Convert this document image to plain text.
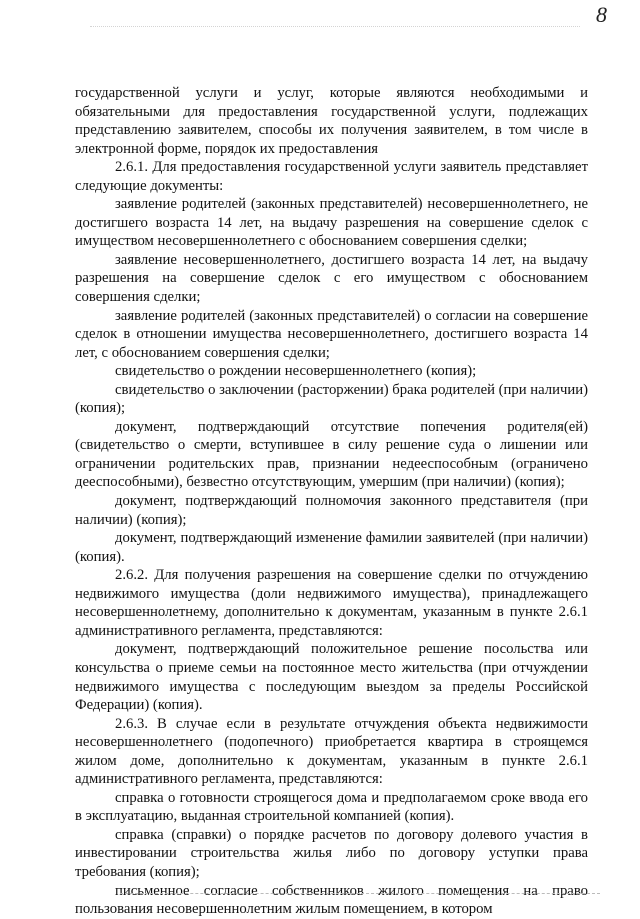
8

государственной услуги и услуг, которые являются необходимыми и обязательными для предоставления государственной услуги, подлежащих представлению заявителем, способы их получения заявителем, в том числе в электронной форме, порядок их предоставления

2.6.1. Для предоставления государственной услуги заявитель представляет следующие документы:

заявление родителей (законных представителей) несовершеннолетнего, не достигшего возраста 14 лет, на выдачу разрешения на совершение сделок с имуществом несовершеннолетнего с обоснованием совершения сделки;

заявление несовершеннолетнего, достигшего возраста 14 лет, на выдачу разрешения на совершение сделок с его имуществом с обоснованием совершения сделки;

заявление родителей (законных представителей) о согласии на совершение сделок в отношении имущества несовершеннолетнего, достигшего возраста 14 лет, с обоснованием совершения сделки;

свидетельство о рождении несовершеннолетнего (копия);

свидетельство о заключении (расторжении) брака родителей (при наличии) (копия);

документ, подтверждающий отсутствие попечения родителя(ей) (свидетельство о смерти, вступившее в силу решение суда о лишении или ограничении родительских прав, признании недееспособным (ограничено дееспособными), безвестно отсутствующим, умершим (при наличии) (копия);

документ, подтверждающий полномочия законного представителя (при наличии) (копия);

документ, подтверждающий изменение фамилии заявителей (при наличии) (копия).

2.6.2. Для получения разрешения на совершение сделки по отчуждению недвижимого имущества (доли недвижимого имущества), принадлежащего несовершеннолетнему, дополнительно к документам, указанным в пункте 2.6.1 административного регламента, представляются:

документ, подтверждающий положительное решение посольства или консульства о приеме семьи на постоянное место жительства (при отчуждении недвижимого имущества с последующим выездом за пределы Российской Федерации) (копия).

2.6.3. В случае если в результате отчуждения объекта недвижимости несовершеннолетнего (подопечного) приобретается квартира в строящемся жилом доме, дополнительно к документам, указанным в пункте 2.6.1 административного регламента, представляются:

справка о готовности строящегося дома и предполагаемом сроке ввода его в эксплуатацию, выданная строительной компанией (копия).

справка (справки) о порядке расчетов по договору долевого участия в инвестировании строительства жилья либо по договору уступки права требования (копия);

письменное согласие собственников жилого помещения на право пользования несовершеннолетним жилым помещением, в котором
